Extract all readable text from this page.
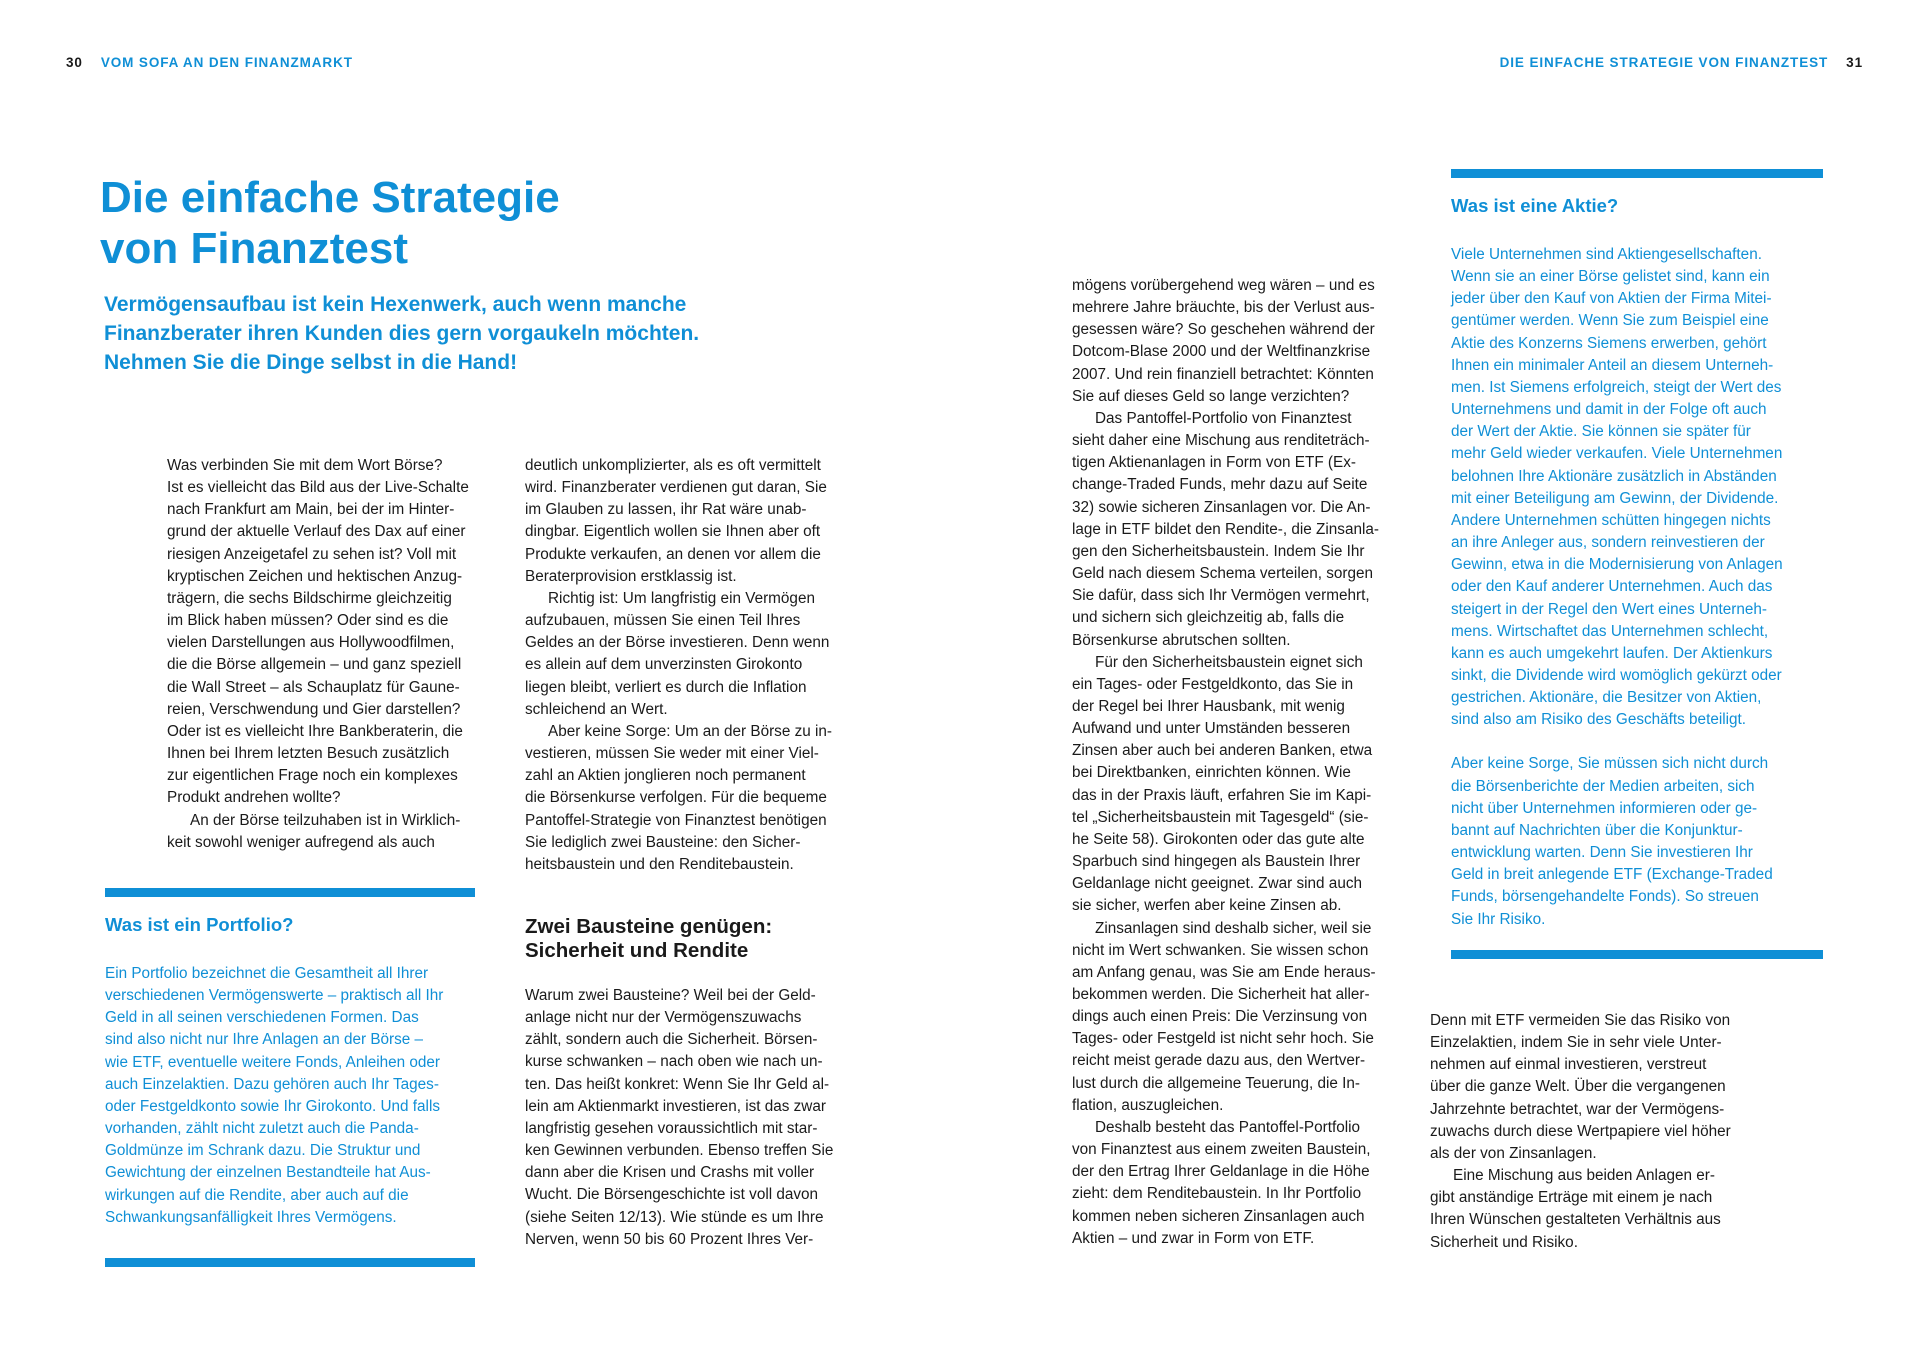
30 VOM SOFA AN DEN FINANZMARKT	DIE EINFACHE STRATEGIE VON FINANZTEST 31
Die einfache Strategie
von Finanztest
Vermögensaufbau ist kein Hexenwerk, auch wenn manche
Finanzberater ihren Kunden dies gern vorgaukeln möchten.
Nehmen Sie die Dinge selbst in die Hand!
Was verbinden Sie mit dem Wort Börse?
Ist es vielleicht das Bild aus der Live-Schalte
nach Frankfurt am Main, bei der im Hinter-
grund der aktuelle Verlauf des Dax auf einer
riesigen Anzeigetafel zu sehen ist? Voll mit
kryptischen Zeichen und hektischen Anzug-
trägern, die sechs Bildschirme gleichzeitig
im Blick haben müssen? Oder sind es die
vielen Darstellungen aus Hollywoodfilmen,
die die Börse allgemein – und ganz speziell
die Wall Street – als Schauplatz für Gaune-
reien, Verschwendung und Gier darstellen?
Oder ist es vielleicht Ihre Bankberaterin, die
Ihnen bei Ihrem letzten Besuch zusätzlich
zur eigentlichen Frage noch ein komplexes
Produkt andrehen wollte?
An der Börse teilzuhaben ist in Wirklich-
keit sowohl weniger aufregend als auch
deutlich unkomplizierter, als es oft vermittelt
wird. Finanzberater verdienen gut daran, Sie
im Glauben zu lassen, ihr Rat wäre unab-
dingbar. Eigentlich wollen sie Ihnen aber oft
Produkte verkaufen, an denen vor allem die
Beraterprovision erstklassig ist.
Richtig ist: Um langfristig ein Vermögen
aufzubauen, müssen Sie einen Teil Ihres
Geldes an der Börse investieren. Denn wenn
es allein auf dem unverzinsten Girokonto
liegen bleibt, verliert es durch die Inflation
schleichend an Wert.
Aber keine Sorge: Um an der Börse zu in-
vestieren, müssen Sie weder mit einer Viel-
zahl an Aktien jonglieren noch permanent
die Börsenkurse verfolgen. Für die bequeme
Pantoffel-Strategie von Finanztest benötigen
Sie lediglich zwei Bausteine: den Sicher-
heitsbaustein und den Renditebaustein.
Zwei Bausteine genügen:
Sicherheit und Rendite
Warum zwei Bausteine? Weil bei der Geld-
anlage nicht nur der Vermögenszuwachs
zählt, sondern auch die Sicherheit. Börsen-
kurse schwanken – nach oben wie nach un-
ten. Das heißt konkret: Wenn Sie Ihr Geld al-
lein am Aktienmarkt investieren, ist das zwar
langfristig gesehen voraussichtlich mit star-
ken Gewinnen verbunden. Ebenso treffen Sie
dann aber die Krisen und Crashs mit voller
Wucht. Die Börsengeschichte ist voll davon
(siehe Seiten 12/13). Wie stünde es um Ihre
Nerven, wenn 50 bis 60 Prozent Ihres Ver-
mögens vorübergehend weg wären – und es
mehrere Jahre bräuchte, bis der Verlust aus-
gesessen wäre? So geschehen während der
Dotcom-Blase 2000 und der Weltfinanzkrise
2007. Und rein finanziell betrachtet: Könnten
Sie auf dieses Geld so lange verzichten?
Das Pantoffel-Portfolio von Finanztest
sieht daher eine Mischung aus renditeträch-
tigen Aktienanlagen in Form von ETF (Ex-
change-Traded Funds, mehr dazu auf Seite
32) sowie sicheren Zinsanlagen vor. Die An-
lage in ETF bildet den Rendite-, die Zinsanla-
gen den Sicherheitsbaustein. Indem Sie Ihr
Geld nach diesem Schema verteilen, sorgen
Sie dafür, dass sich Ihr Vermögen vermehrt,
und sichern sich gleichzeitig ab, falls die
Börsenkurse abrutschen sollten.
Für den Sicherheitsbaustein eignet sich
ein Tages- oder Festgeldkonto, das Sie in
der Regel bei Ihrer Hausbank, mit wenig
Aufwand und unter Umständen besseren
Zinsen aber auch bei anderen Banken, etwa
bei Direktbanken, einrichten können. Wie
das in der Praxis läuft, erfahren Sie im Kapi-
tel „Sicherheitsbaustein mit Tagesgeld“ (sie-
he Seite 58). Girokonten oder das gute alte
Sparbuch sind hingegen als Baustein Ihrer
Geldanlage nicht geeignet. Zwar sind auch
sie sicher, werfen aber keine Zinsen ab.
Zinsanlagen sind deshalb sicher, weil sie
nicht im Wert schwanken. Sie wissen schon
am Anfang genau, was Sie am Ende heraus-
bekommen werden. Die Sicherheit hat aller-
dings auch einen Preis: Die Verzinsung von
Tages- oder Festgeld ist nicht sehr hoch. Sie
reicht meist gerade dazu aus, den Wertver-
lust durch die allgemeine Teuerung, die In-
flation, auszugleichen.
Deshalb besteht das Pantoffel-Portfolio
von Finanztest aus einem zweiten Baustein,
der den Ertrag Ihrer Geldanlage in die Höhe
zieht: dem Renditebaustein. In Ihr Portfolio
kommen neben sicheren Zinsanlagen auch
Aktien – und zwar in Form von ETF.
Denn mit ETF vermeiden Sie das Risiko von
Einzelaktien, indem Sie in sehr viele Unter-
nehmen auf einmal investieren, verstreut
über die ganze Welt. Über die vergangenen
Jahrzehnte betrachtet, war der Vermögens-
zuwachs durch diese Wertpapiere viel höher
als der von Zinsanlagen.
Eine Mischung aus beiden Anlagen er-
gibt anständige Erträge mit einem je nach
Ihren Wünschen gestalteten Verhältnis aus
Sicherheit und Risiko.
Was ist ein Portfolio?
Ein Portfolio bezeichnet die Gesamtheit all Ihrer
verschiedenen Vermögenswerte – praktisch all Ihr
Geld in all seinen verschiedenen Formen. Das
sind also nicht nur Ihre Anlagen an der Börse –
wie ETF, eventuelle weitere Fonds, Anleihen oder
auch Einzelaktien. Dazu gehören auch Ihr Tages-
oder Festgeldkonto sowie Ihr Girokonto. Und falls
vorhanden, zählt nicht zuletzt auch die Panda-
Goldmünze im Schrank dazu. Die Struktur und
Gewichtung der einzelnen Bestandteile hat Aus-
wirkungen auf die Rendite, aber auch auf die
Schwankungsanfälligkeit Ihres Vermögens.
Was ist eine Aktie?

Viele Unternehmen sind Aktiengesellschaften.
Wenn sie an einer Börse gelistet sind, kann ein
jeder über den Kauf von Aktien der Firma Mitei-
gentümer werden. Wenn Sie zum Beispiel eine
Aktie des Konzerns Siemens erwerben, gehört
Ihnen ein minimaler Anteil an diesem Unterneh-
men. Ist Siemens erfolgreich, steigt der Wert des
Unternehmens und damit in der Folge oft auch
der Wert der Aktie. Sie können sie später für
mehr Geld wieder verkaufen. Viele Unternehmen
belohnen Ihre Aktionäre zusätzlich in Abständen
mit einer Beteiligung am Gewinn, der Dividende.
Andere Unternehmen schütten hingegen nichts
an ihre Anleger aus, sondern reinvestieren der
Gewinn, etwa in die Modernisierung von Anlagen
oder den Kauf anderer Unternehmen. Auch das
steigert in der Regel den Wert eines Unterneh-
mens. Wirtschaftet das Unternehmen schlecht,
kann es auch umgekehrt laufen. Der Aktienkurs
sinkt, die Dividende wird womöglich gekürzt oder
gestrichen. Aktionäre, die Besitzer von Aktien,
sind also am Risiko des Geschäfts beteiligt.

Aber keine Sorge, Sie müssen sich nicht durch
die Börsenberichte der Medien arbeiten, sich
nicht über Unternehmen informieren oder ge-
bannt auf Nachrichten über die Konjunktur-
entwicklung warten. Denn Sie investieren Ihr
Geld in breit anlegende ETF (Exchange-Traded
Funds, börsengehandelte Fonds). So streuen
Sie Ihr Risiko.
